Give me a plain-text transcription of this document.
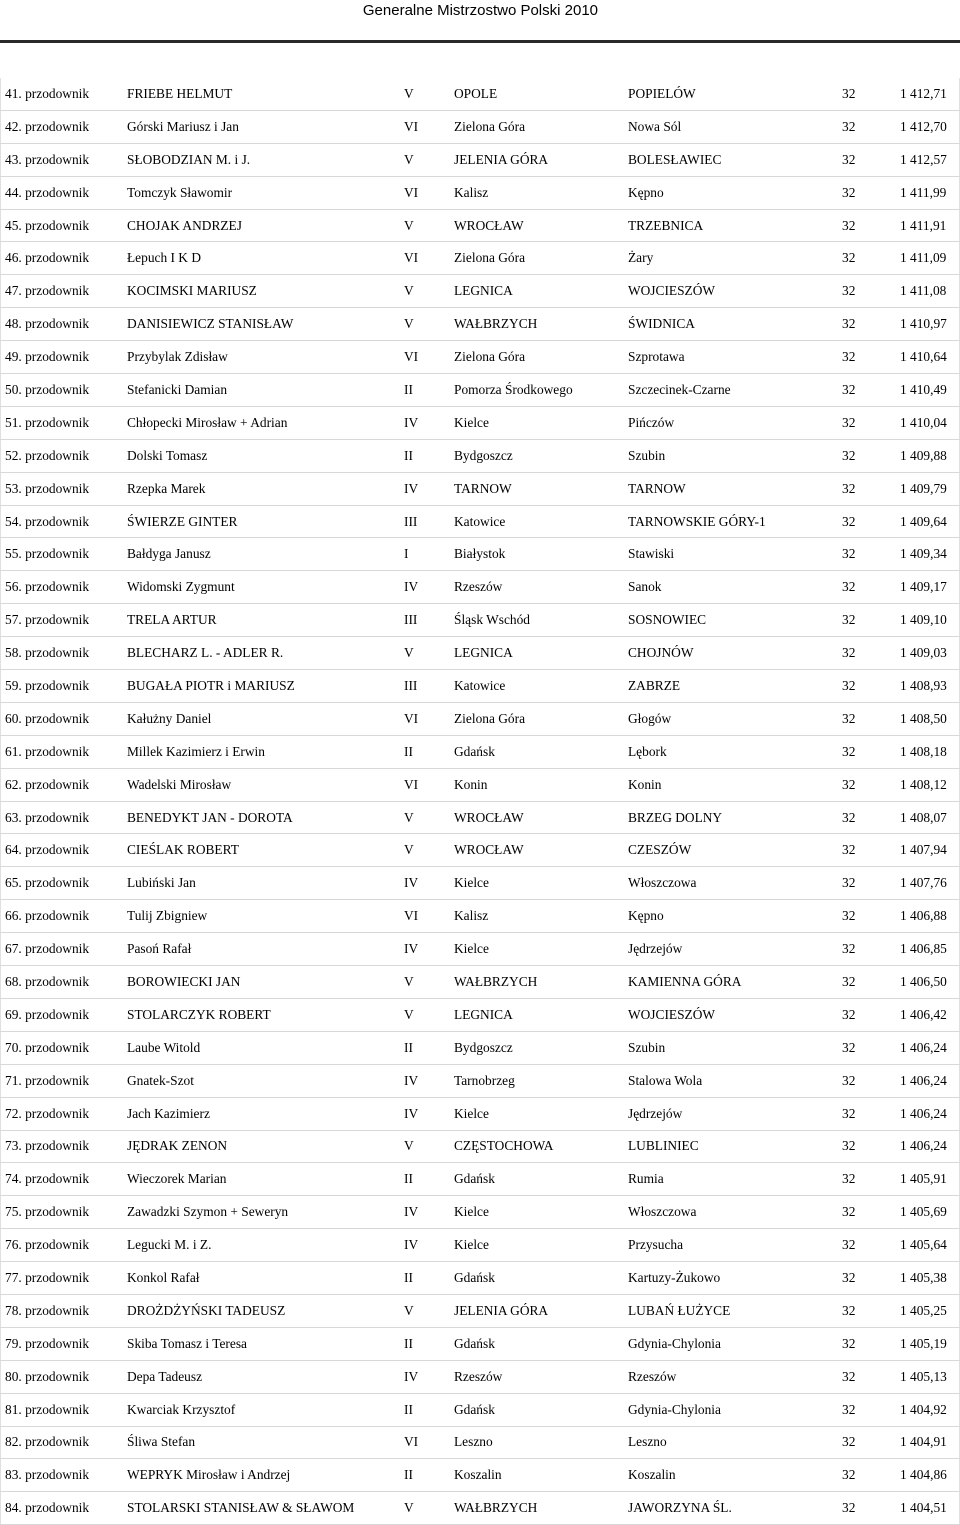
Generalne Mistrzostwo Polski 2010
41. przodownik	FRIEBE HELMUT	V	OPOLE	POPIELÓW	32	1 412,71
42. przodownik	Górski Mariusz i Jan	VI	Zielona Góra	Nowa Sól	32	1 412,70
43. przodownik	SŁOBODZIAN M. i J.	V	JELENIA GÓRA	BOLESŁAWIEC	32	1 412,57
44. przodownik	Tomczyk Sławomir	VI	Kalisz	Kępno	32	1 411,99
45. przodownik	CHOJAK ANDRZEJ	V	WROCŁAW	TRZEBNICA	32	1 411,91
46. przodownik	Łepuch I K D	VI	Zielona Góra	Żary	32	1 411,09
47. przodownik	KOCIMSKI MARIUSZ	V	LEGNICA	WOJCIESZÓW	32	1 411,08
48. przodownik	DANISIEWICZ STANISŁAW	V	WAŁBRZYCH	ŚWIDNICA	32	1 410,97
49. przodownik	Przybylak Zdisław	VI	Zielona Góra	Szprotawa	32	1 410,64
50. przodownik	Stefanicki Damian	II	Pomorza Środkowego	Szczecinek-Czarne	32	1 410,49
51. przodownik	Chłopecki Mirosław + Adrian	IV	Kielce	Pińczów	32	1 410,04
52. przodownik	Dolski Tomasz	II	Bydgoszcz	Szubin	32	1 409,88
53. przodownik	Rzepka Marek	IV	TARNOW	TARNOW	32	1 409,79
54. przodownik	ŚWIERZE GINTER	III	Katowice	TARNOWSKIE GÓRY-1	32	1 409,64
55. przodownik	Bałdyga Janusz	I	Białystok	Stawiski	32	1 409,34
56. przodownik	Widomski Zygmunt	IV	Rzeszów	Sanok	32	1 409,17
57. przodownik	TRELA ARTUR	III	Śląsk Wschód	SOSNOWIEC	32	1 409,10
58. przodownik	BLECHARZ L. - ADLER R.	V	LEGNICA	CHOJNÓW	32	1 409,03
59. przodownik	BUGAŁA PIOTR i MARIUSZ	III	Katowice	ZABRZE	32	1 408,93
60. przodownik	Kałużny Daniel	VI	Zielona Góra	Głogów	32	1 408,50
61. przodownik	Millek Kazimierz i Erwin	II	Gdańsk	Lębork	32	1 408,18
62. przodownik	Wadelski Mirosław	VI	Konin	Konin	32	1 408,12
63. przodownik	BENEDYKT JAN - DOROTA	V	WROCŁAW	BRZEG DOLNY	32	1 408,07
64. przodownik	CIEŚLAK ROBERT	V	WROCŁAW	CZESZÓW	32	1 407,94
65. przodownik	Lubiński Jan	IV	Kielce	Włoszczowa	32	1 407,76
66. przodownik	Tulij Zbigniew	VI	Kalisz	Kępno	32	1 406,88
67. przodownik	Pasoń Rafał	IV	Kielce	Jędrzejów	32	1 406,85
68. przodownik	BOROWIECKI JAN	V	WAŁBRZYCH	KAMIENNA GÓRA	32	1 406,50
69. przodownik	STOLARCZYK ROBERT	V	LEGNICA	WOJCIESZÓW	32	1 406,42
70. przodownik	Laube Witold	II	Bydgoszcz	Szubin	32	1 406,24
71. przodownik	Gnatek-Szot	IV	Tarnobrzeg	Stalowa Wola	32	1 406,24
72. przodownik	Jach Kazimierz	IV	Kielce	Jędrzejów	32	1 406,24
73. przodownik	JĘDRAK ZENON	V	CZĘSTOCHOWA	LUBLINIEC	32	1 406,24
74. przodownik	Wieczorek Marian	II	Gdańsk	Rumia	32	1 405,91
75. przodownik	Zawadzki Szymon + Seweryn	IV	Kielce	Włoszczowa	32	1 405,69
76. przodownik	Legucki M. i Z.	IV	Kielce	Przysucha	32	1 405,64
77. przodownik	Konkol Rafał	II	Gdańsk	Kartuzy-Żukowo	32	1 405,38
78. przodownik	DROŻDŻYŃSKI TADEUSZ	V	JELENIA GÓRA	LUBAŃ ŁUŻYCE	32	1 405,25
79. przodownik	Skiba Tomasz i Teresa	II	Gdańsk	Gdynia-Chylonia	32	1 405,19
80. przodownik	Depa Tadeusz	IV	Rzeszów	Rzeszów	32	1 405,13
81. przodownik	Kwarciak Krzysztof	II	Gdańsk	Gdynia-Chylonia	32	1 404,92
82. przodownik	Śliwa Stefan	VI	Leszno	Leszno	32	1 404,91
83. przodownik	WEPRYK Mirosław i Andrzej	II	Koszalin	Koszalin	32	1 404,86
84. przodownik	STOLARSKI STANISŁAW & SŁAWOM	V	WAŁBRZYCH	JAWORZYNA ŚL.	32	1 404,51
